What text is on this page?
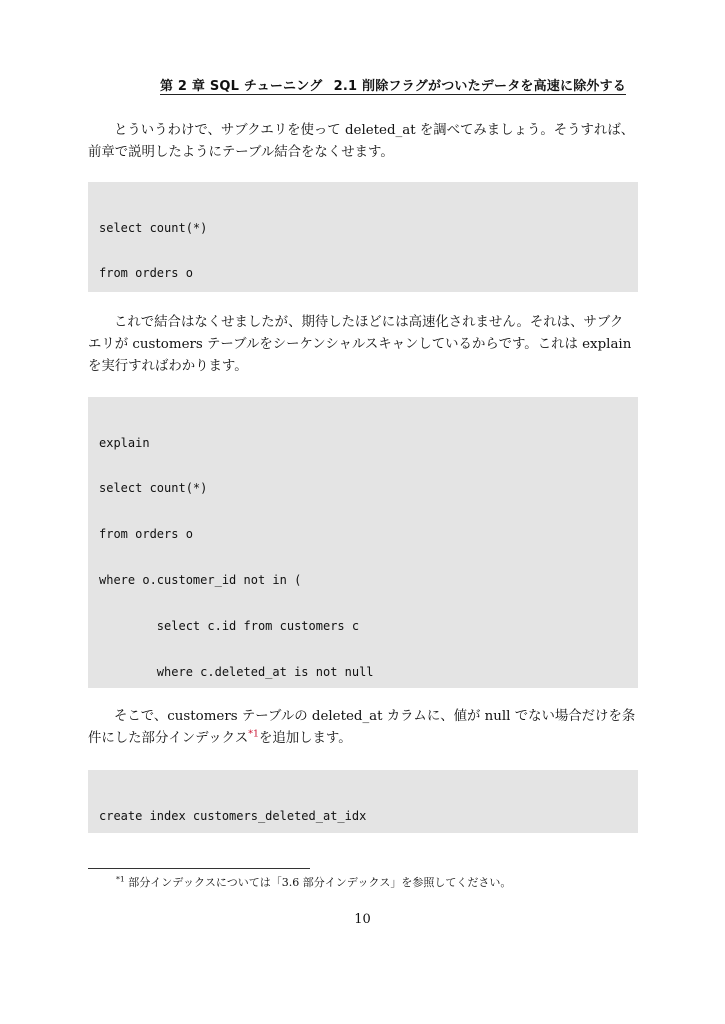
第 2 章 SQL チューニング 2.1 削除フラグがついたデータを高速に除外する

とういうわけで、サブクエリを使って deleted_at を調べてみましょう。そうすれば、前章で説明したようにテーブル結合をなくせます。

select count(*)

from orders o

これで結合はなくせましたが、期待したほどには高速化されません。それは、サブクエリが customers テーブルをシーケンシャルスキャンしているからです。これは explain を実行すればわかります。

explain

select count(*)

from orders o

where o.customer_id not in (

select c.id from customers c

where c.deleted_at is not null

そこで、customers テーブルの deleted_at カラムに、値が null でない場合だけを条件にした部分インデックス$^{*1}$を追加します。

create index customers_deleted_at_idx

$^{*1}$ 部分インデックスについては「3.6 部分インデックス」を参照してください。
10
